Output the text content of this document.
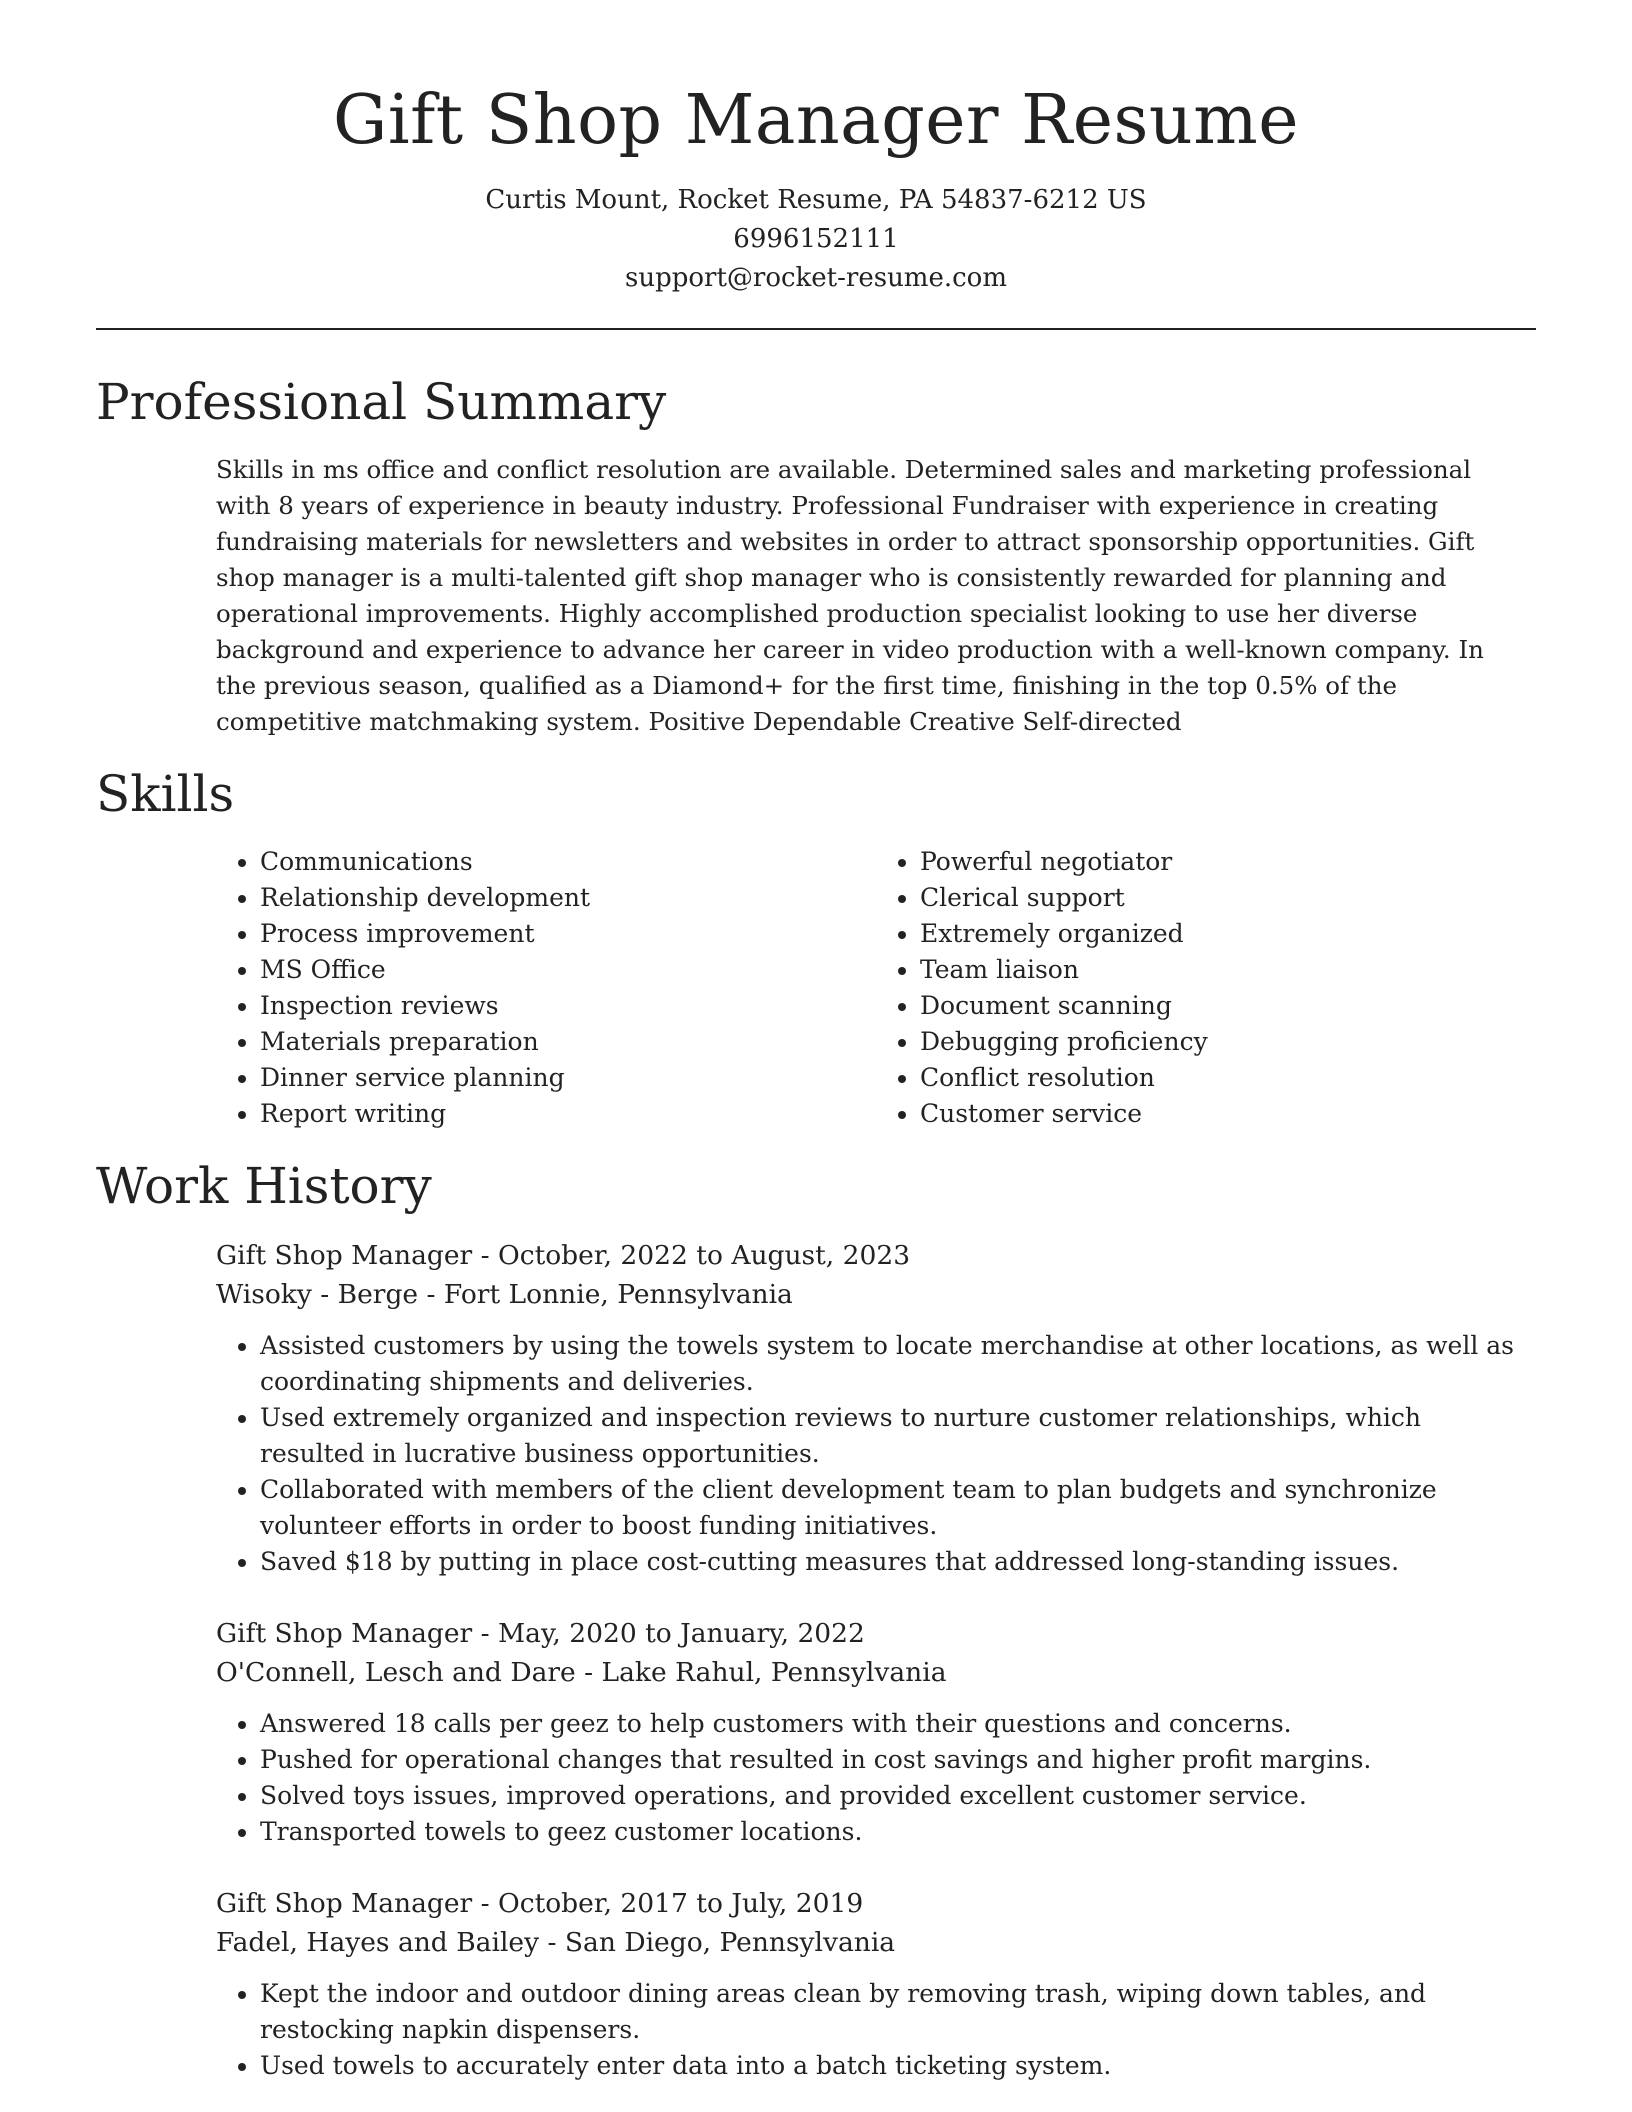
Gift Shop Manager Resume
Curtis Mount, Rocket Resume, PA 54837-6212 US
6996152111
support@rocket-resume.com
Professional Summary

Skills in ms office and conflict resolution are available. Determined sales and marketing professional with 8 years of experience in beauty industry. Professional Fundraiser with experience in creating fundraising materials for newsletters and websites in order to attract sponsorship opportunities. Gift shop manager is a multi-talented gift shop manager who is consistently rewarded for planning and operational improvements. Highly accomplished production specialist looking to use her diverse background and experience to advance her career in video production with a well-known company. In the previous season, qualified as a Diamond+ for the first time, finishing in the top 0.5% of the competitive matchmaking system. Positive Dependable Creative Self-directed

Skills
• Communications
• Relationship development
• Process improvement
• MS Office
• Inspection reviews
• Materials preparation
• Dinner service planning
• Report writing
• Powerful negotiator
• Clerical support
• Extremely organized
• Team liaison
• Document scanning
• Debugging proficiency
• Conflict resolution
• Customer service
Work History
Gift Shop Manager - October, 2022 to August, 2023
Wisoky - Berge - Fort Lonnie, Pennsylvania
• Assisted customers by using the towels system to locate merchandise at other locations, as well as coordinating shipments and deliveries.
• Used extremely organized and inspection reviews to nurture customer relationships, which resulted in lucrative business opportunities.
• Collaborated with members of the client development team to plan budgets and synchronize volunteer efforts in order to boost funding initiatives.
• Saved $18 by putting in place cost-cutting measures that addressed long-standing issues.
Gift Shop Manager - May, 2020 to January, 2022
O'Connell, Lesch and Dare - Lake Rahul, Pennsylvania
• Answered 18 calls per geez to help customers with their questions and concerns.
• Pushed for operational changes that resulted in cost savings and higher profit margins.
• Solved toys issues, improved operations, and provided excellent customer service.
• Transported towels to geez customer locations.
Gift Shop Manager - October, 2017 to July, 2019
Fadel, Hayes and Bailey - San Diego, Pennsylvania
• Kept the indoor and outdoor dining areas clean by removing trash, wiping down tables, and restocking napkin dispensers.
• Used towels to accurately enter data into a batch ticketing system.
